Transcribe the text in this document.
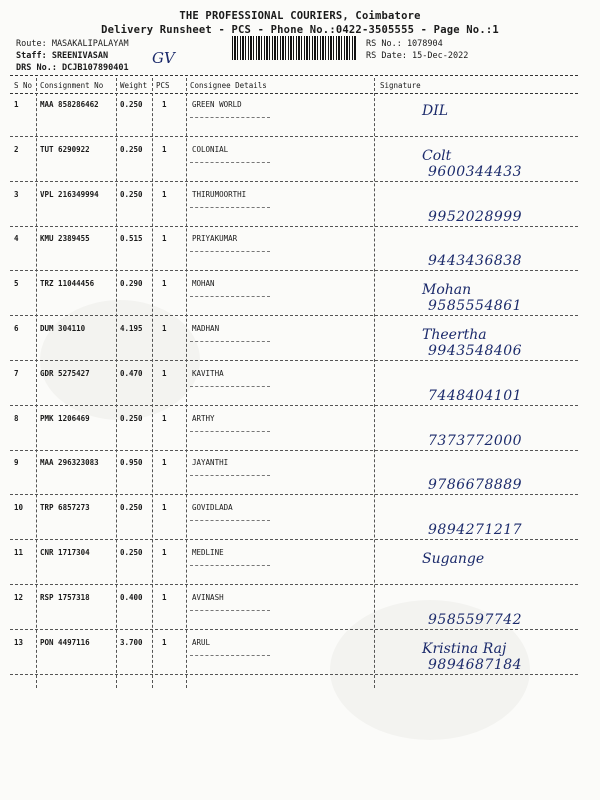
THE PROFESSIONAL COURIERS, Coimbatore
Delivery Runsheet - PCS - Phone No.:0422-3505555 - Page No.:1
Route: MASAKALIPALAYAM
Staff: SREENIVASAN
DRS No.: DCJB107890401
GV
RS No.: 1078904
RS Date: 15-Dec-2022
S No Consignment No Weight PCS	Consignee Details	Signature
1	MAA 858286462	0.250	1	GREEN WORLD	DIL
2	TUT 6290922	0.250	1	COLONIAL	Colt
9600344433
3	VPL 216349994	0.250	1	THIRUMOORTHI
9952028999
4	KMU 2389455	0.515	1	PRIYAKUMAR
9443436838
5	TRZ 11044456	0.290	1	MOHAN	Mohan
9585554861
6	DUM 304110	4.195	1	MADHAN	Theertha
9943548406
7	GDR 5275427	0.470	1	KAVITHA
7448404101
8	PMK 1206469	0.250	1	ARTHY
7373772000
9	MAA 296323083	0.950	1	JAYANTHI
9786678889
10 TRP 6857273	0.250	1	GOVIDLADA
9894271217
11 CNR 1717304	0.250	1	MEDLINE	Sugange
12 RSP 1757318	0.400	1	AVINASH
9585597742
13 PON 4497116	3.700	1	ARUL	Kristina Raj
9894687184
